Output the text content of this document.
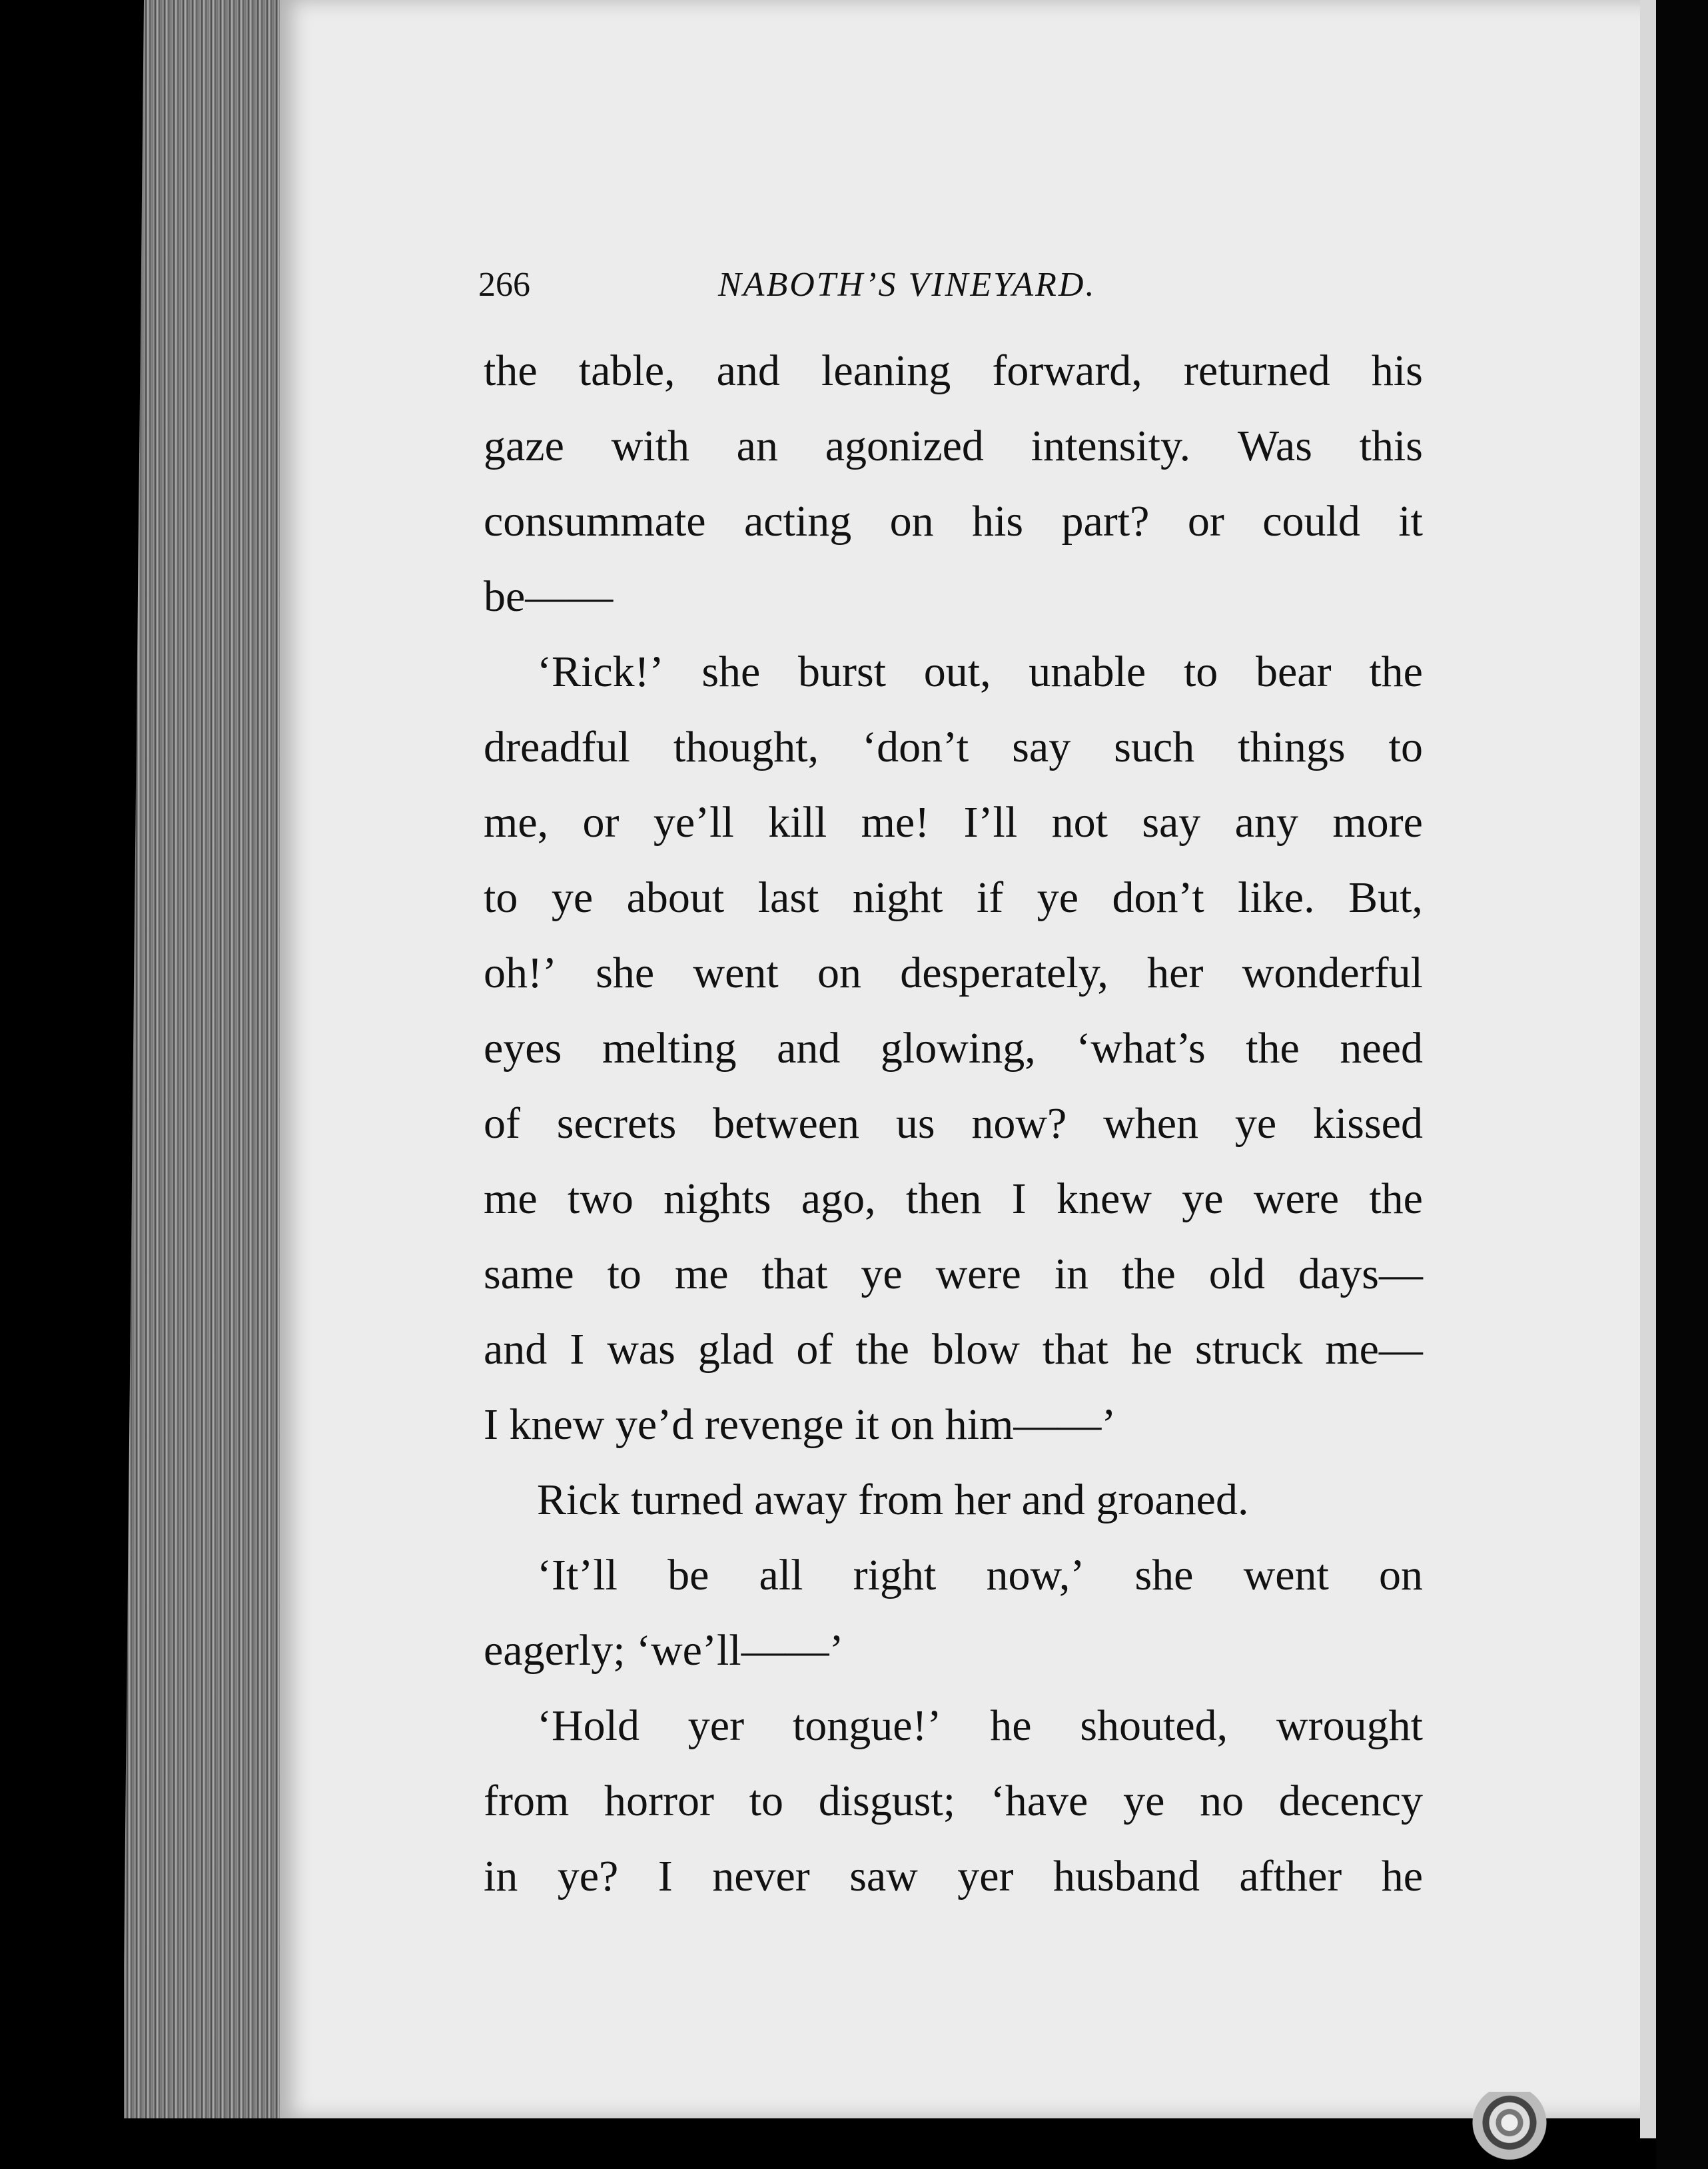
266	NABOTH’S VINEYARD.
the table, and leaning forward, returned his
gaze with an agonized intensity. Was this
consummate acting on his part? or could it
be——
‘Rick!’ she burst out, unable to bear the
dreadful thought, ‘don’t say such things to
me, or ye’ll kill me! I’ll not say any more
to ye about last night if ye don’t like. But,
oh!’ she went on desperately, her wonderful
eyes melting and glowing, ‘what’s the need
of secrets between us now? when ye kissed
me two nights ago, then I knew ye were the
same to me that ye were in the old days—
and I was glad of the blow that he struck me—
I knew ye’d revenge it on him——’
Rick turned away from her and groaned.
‘It’ll be all right now,’ she went on
eagerly; ‘we’ll——’
‘Hold yer tongue!’ he shouted, wrought
from horror to disgust; ‘have ye no decency
in ye? I never saw yer husband afther he
